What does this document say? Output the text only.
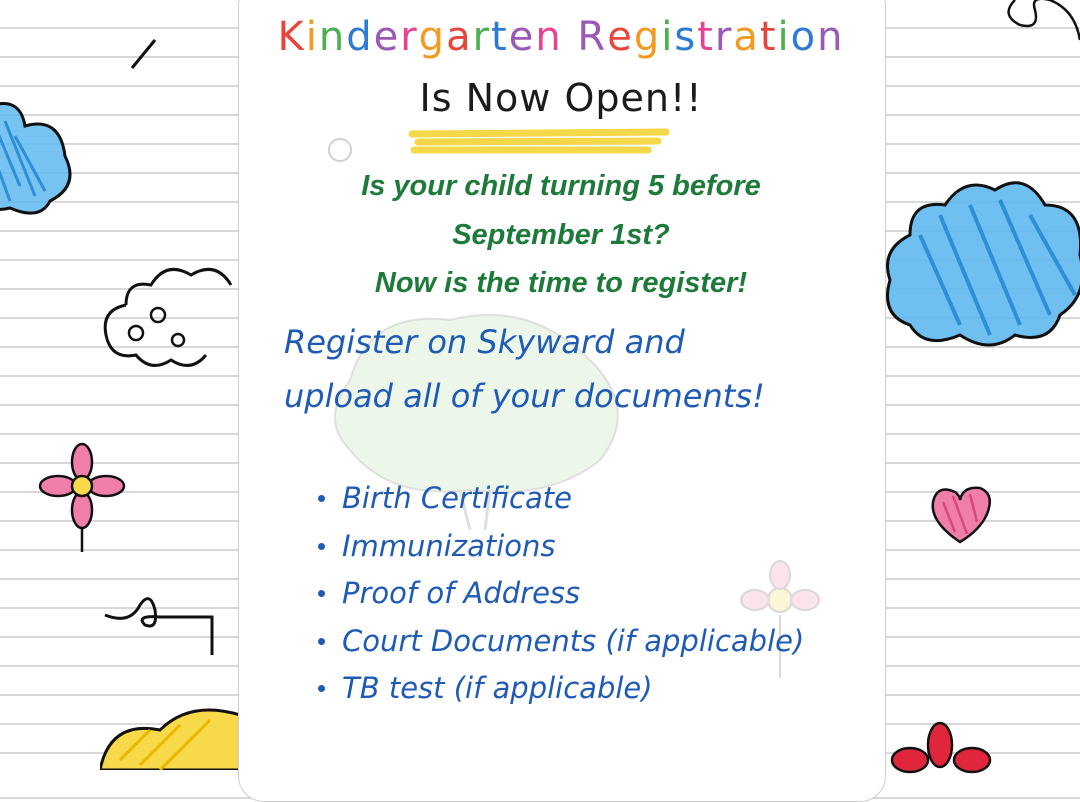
Kindergarten Registration
Is Now Open!!
Is your child turning 5 before
September 1st?
Now is the time to register!
Register on Skyward and
upload all of your documents!
Birth Certificate
Immunizations
Proof of Address
Court Documents (if applicable)
TB test (if applicable)
